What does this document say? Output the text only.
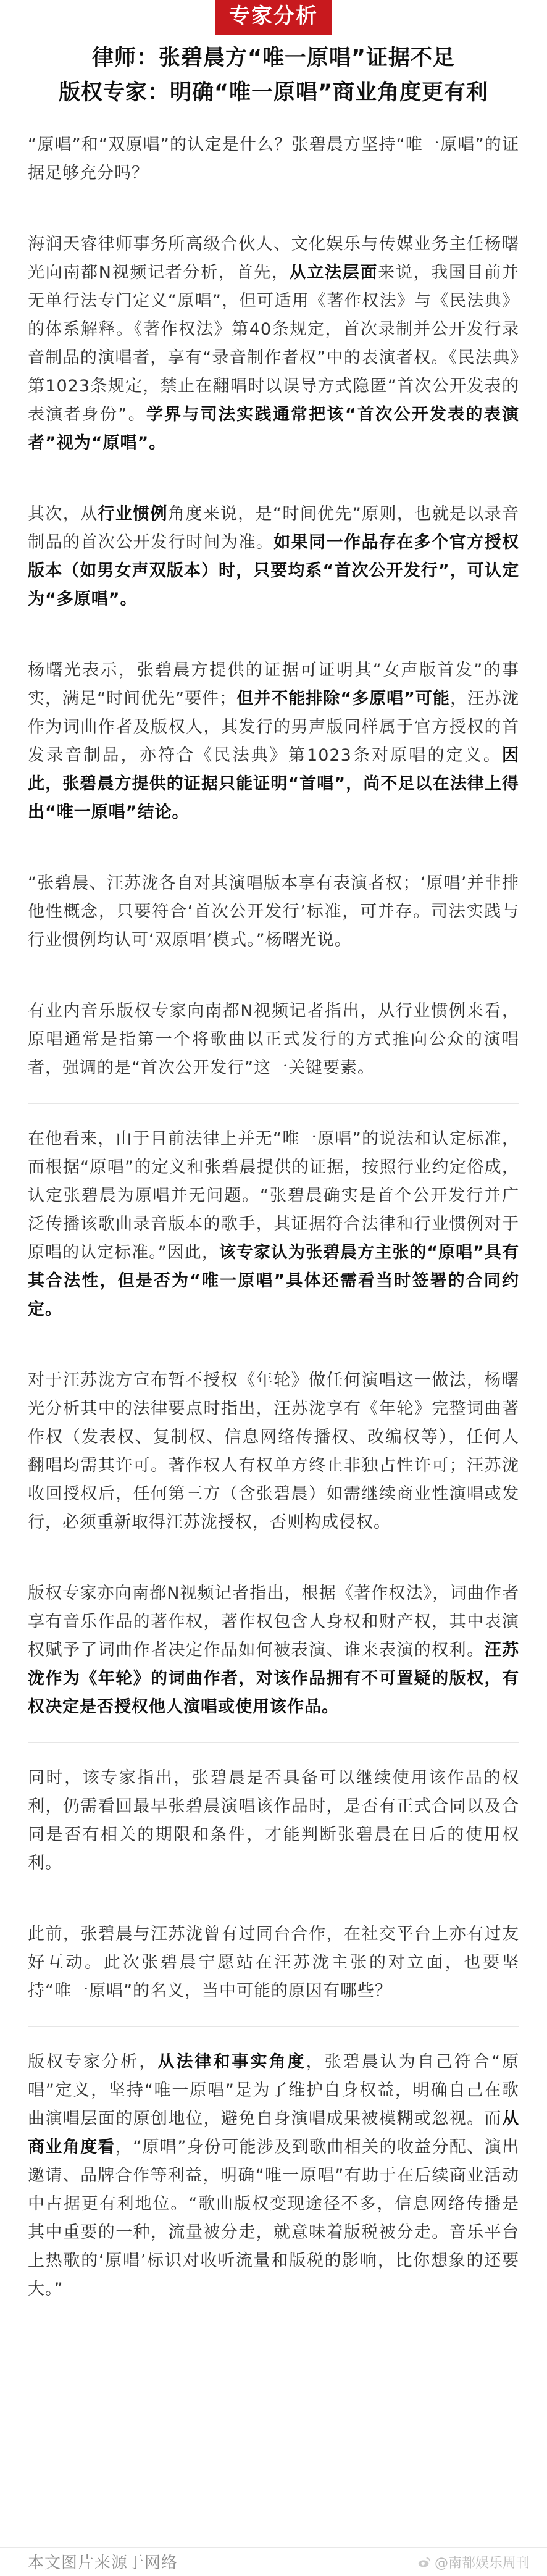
专家分析
律师：张碧晨方“唯一原唱”证据不足
版权专家：明确“唯一原唱”商业角度更有利

“原唱”和“双原唱”的认定是什么？张碧晨方坚持“唯一原唱”的证据足够充分吗？

海润天睿律师事务所高级合伙人、文化娱乐与传媒业务主任杨曙光向南都N视频记者分析，首先，从立法层面来说，我国目前并无单行法专门定义“原唱”，但可适用《著作权法》与《民法典》的体系解释。《著作权法》第40条规定，首次录制并公开发行录音制品的演唱者，享有“录音制作者权”中的表演者权。《民法典》第1023条规定，禁止在翻唱时以误导方式隐匿“首次公开发表的表演者身份”。学界与司法实践通常把该“首次公开发表的表演者”视为“原唱”。

其次，从行业惯例角度来说，是“时间优先”原则，也就是以录音制品的首次公开发行时间为准。如果同一作品存在多个官方授权版本（如男女声双版本）时，只要均系“首次公开发行”，可认定为“多原唱”。

杨曙光表示，张碧晨方提供的证据可证明其“女声版首发”的事实，满足“时间优先”要件；但并不能排除“多原唱”可能，汪苏泷作为词曲作者及版权人，其发行的男声版同样属于官方授权的首发录音制品，亦符合《民法典》第1023条对原唱的定义。因此，张碧晨方提供的证据只能证明“首唱”，尚不足以在法律上得出“唯一原唱”结论。

“张碧晨、汪苏泷各自对其演唱版本享有表演者权；‘原唱’并非排他性概念，只要符合‘首次公开发行’标准，可并存。司法实践与行业惯例均认可‘双原唱’模式。”杨曙光说。

有业内音乐版权专家向南都N视频记者指出，从行业惯例来看，原唱通常是指第一个将歌曲以正式发行的方式推向公众的演唱者，强调的是“首次公开发行”这一关键要素。

在他看来，由于目前法律上并无“唯一原唱”的说法和认定标准，而根据“原唱”的定义和张碧晨提供的证据，按照行业约定俗成，认定张碧晨为原唱并无问题。“张碧晨确实是首个公开发行并广泛传播该歌曲录音版本的歌手，其证据符合法律和行业惯例对于原唱的认定标准。”因此，该专家认为张碧晨方主张的“原唱”具有其合法性，但是否为“唯一原唱”具体还需看当时签署的合同约定。

对于汪苏泷方宣布暂不授权《年轮》做任何演唱这一做法，杨曙光分析其中的法律要点时指出，汪苏泷享有《年轮》完整词曲著作权（发表权、复制权、信息网络传播权、改编权等），任何人翻唱均需其许可。著作权人有权单方终止非独占性许可；汪苏泷收回授权后，任何第三方（含张碧晨）如需继续商业性演唱或发行，必须重新取得汪苏泷授权，否则构成侵权。

版权专家亦向南都N视频记者指出，根据《著作权法》，词曲作者享有音乐作品的著作权，著作权包含人身权和财产权，其中表演权赋予了词曲作者决定作品如何被表演、谁来表演的权利。汪苏泷作为《年轮》的词曲作者，对该作品拥有不可置疑的版权，有权决定是否授权他人演唱或使用该作品。

同时，该专家指出，张碧晨是否具备可以继续使用该作品的权利，仍需看回最早张碧晨演唱该作品时，是否有正式合同以及合同是否有相关的期限和条件，才能判断张碧晨在日后的使用权利。

此前，张碧晨与汪苏泷曾有过同台合作，在社交平台上亦有过友好互动。此次张碧晨宁愿站在汪苏泷主张的对立面，也要坚持“唯一原唱”的名义，当中可能的原因有哪些？

版权专家分析，从法律和事实角度，张碧晨认为自己符合“原唱”定义，坚持“唯一原唱”是为了维护自身权益，明确自己在歌曲演唱层面的原创地位，避免自身演唱成果被模糊或忽视。而从商业角度看，“原唱”身份可能涉及到歌曲相关的收益分配、演出邀请、品牌合作等利益，明确“唯一原唱”有助于在后续商业活动中占据更有利地位。“歌曲版权变现途径不多，信息网络传播是其中重要的一种，流量被分走，就意味着版税被分走。音乐平台上热歌的‘原唱’标识对收听流量和版税的影响，比你想象的还要大。”

本文图片来源于网络	@南都娱乐周刊
